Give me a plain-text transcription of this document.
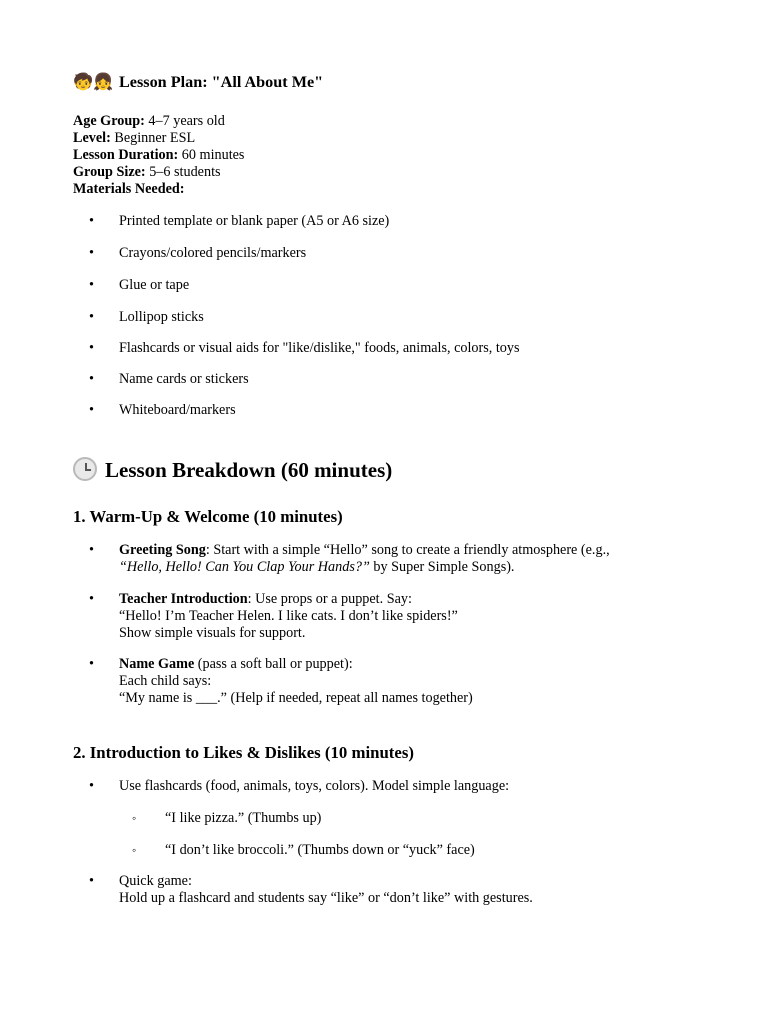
🧒👧 Lesson Plan: "All About Me"
Age Group: 4–7 years old
Level: Beginner ESL
Lesson Duration: 60 minutes
Group Size: 5–6 students
Materials Needed:
• Printed template or blank paper (A5 or A6 size)
• Crayons/colored pencils/markers
• Glue or tape
• Lollipop sticks
• Flashcards or visual aids for "like/dislike," foods, animals, colors, toys
• Name cards or stickers
• Whiteboard/markers
Lesson Breakdown (60 minutes)
1. Warm-Up & Welcome (10 minutes)
• Greeting Song: Start with a simple “Hello” song to create a friendly atmosphere (e.g.,
“Hello, Hello! Can You Clap Your Hands?” by Super Simple Songs).
• Teacher Introduction: Use props or a puppet. Say:
“Hello! I’m Teacher Helen. I like cats. I don’t like spiders!”
Show simple visuals for support.
• Name Game (pass a soft ball or puppet):
Each child says:
“My name is ___.” (Help if needed, repeat all names together)
2. Introduction to Likes & Dislikes (10 minutes)
• Use flashcards (food, animals, toys, colors). Model simple language:
◦ “I like pizza.” (Thumbs up)
◦ “I don’t like broccoli.” (Thumbs down or “yuck” face)
• Quick game:
Hold up a flashcard and students say “like” or “don’t like” with gestures.
